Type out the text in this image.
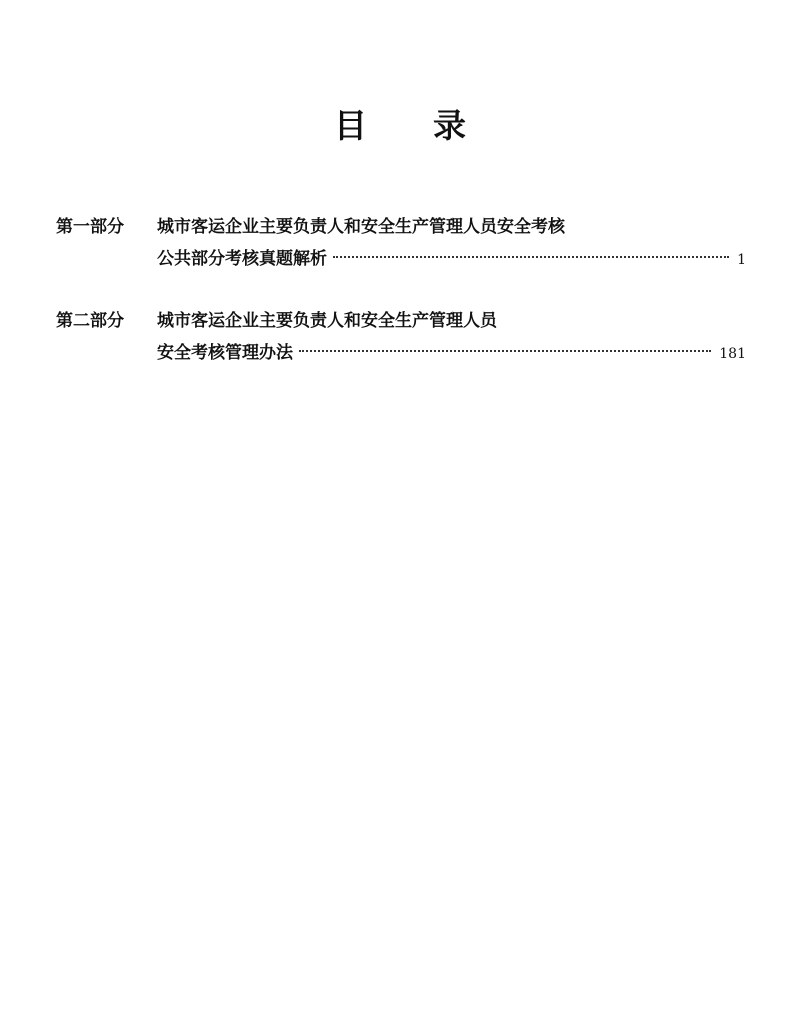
目 录
第一部分 城市客运企业主要负责人和安全生产管理人员安全考核
公共部分考核真题解析	1
第二部分 城市客运企业主要负责人和安全生产管理人员
安全考核管理办法	181
